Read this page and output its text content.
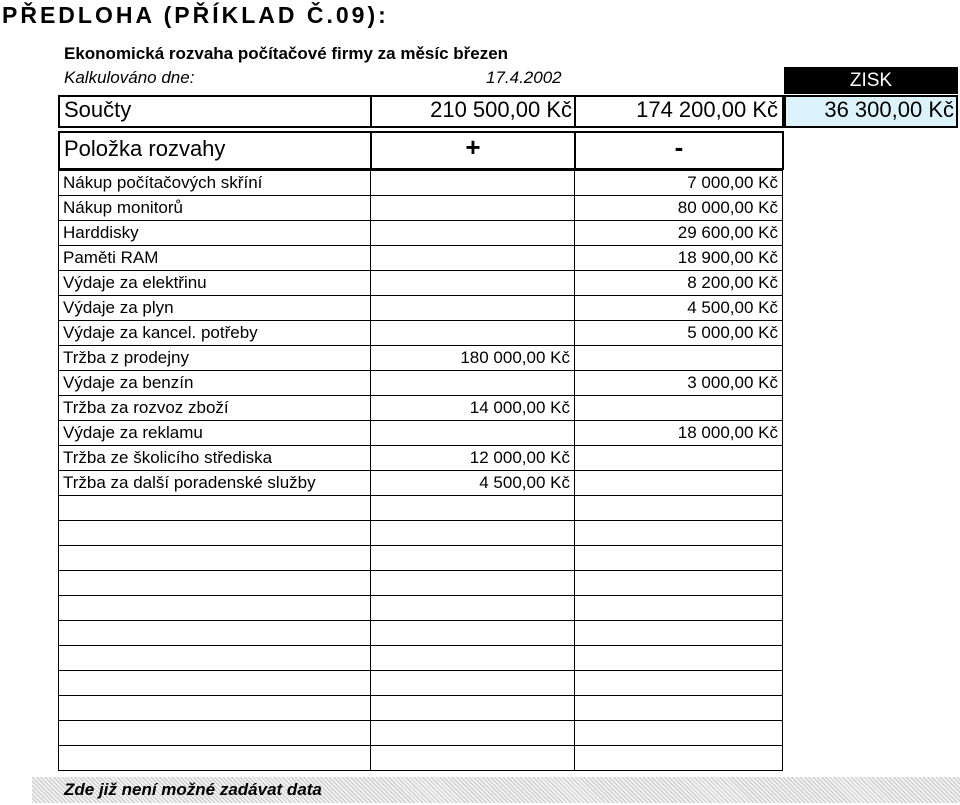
PŘEDLOHA (PŘÍKLAD Č.09):
Ekonomická rozvaha počítačové firmy za měsíc březen
Kalkulováno dne:	17.4.2002	ZISK
Součty	210 500,00 Kč	174 200,00 Kč	36 300,00 Kč
Položka rozvahy	+	-
Nákup počítačových skříní		7 000,00 Kč
Nákup monitorů		80 000,00 Kč
Harddisky		29 600,00 Kč
Paměti RAM		18 900,00 Kč
Výdaje za elektřinu		8 200,00 Kč
Výdaje za plyn		4 500,00 Kč
Výdaje za kancel. potřeby		5 000,00 Kč
Tržba z prodejny	180 000,00 Kč	
Výdaje za benzín		3 000,00 Kč
Tržba za rozvoz zboží	14 000,00 Kč	
Výdaje za reklamu		18 000,00 Kč
Tržba ze školicího střediska	12 000,00 Kč	
Tržba za další poradenské služby	4 500,00 Kč	

Zde již není možné zadávat data
